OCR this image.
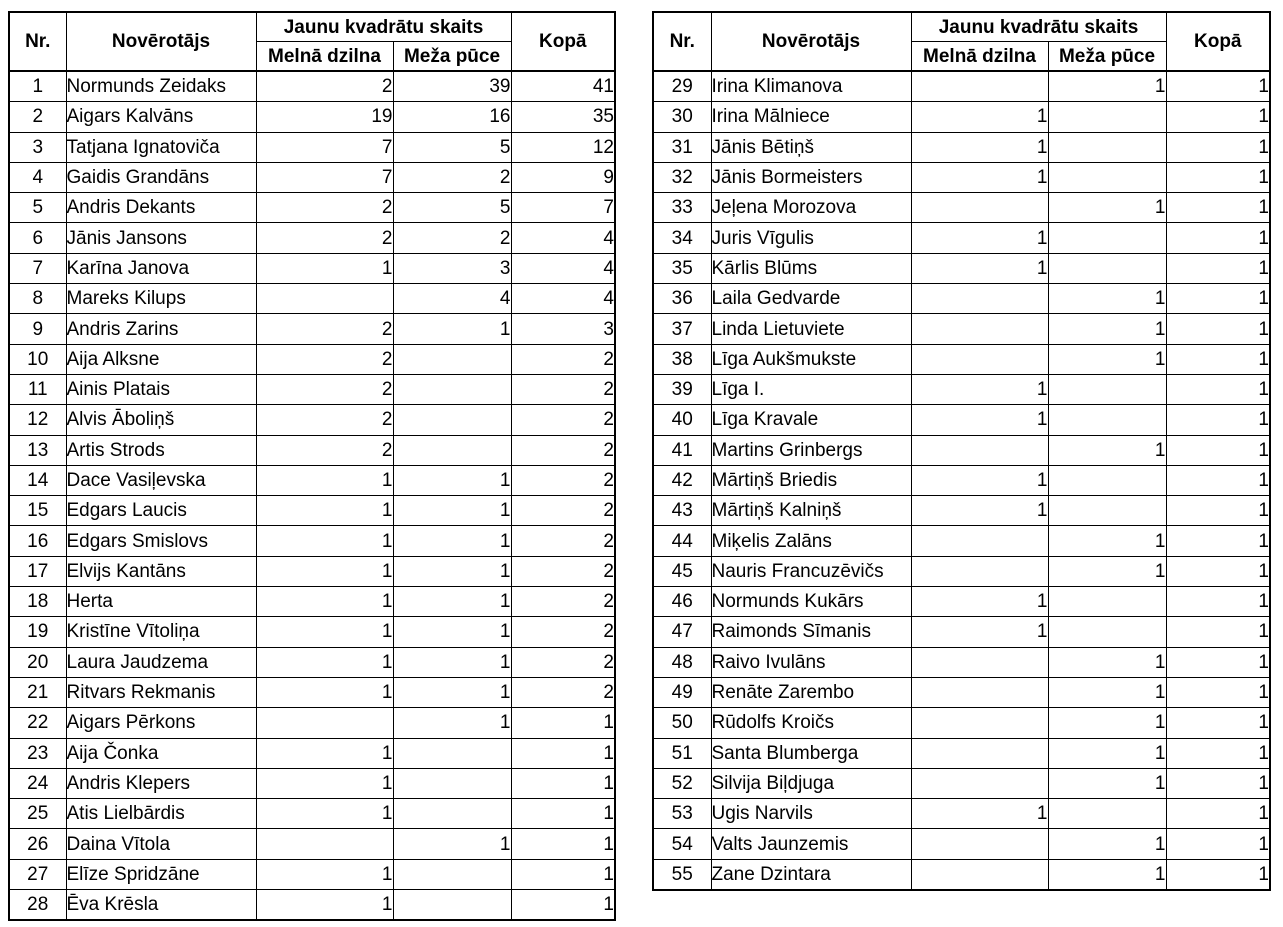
Nr.	Novērotājs	Jaunu kvadrātu skaits		Kopā
		Melnā dzilna	Meža pūce	
1	Normunds Zeidaks	2	39	41
2	Aigars Kalvāns	19	16	35
3	Tatjana Ignatoviča	7	5	12
4	Gaidis Grandāns	7	2	9
5	Andris Dekants	2	5	7
6	Jānis Jansons	2	2	4
7	Karīna Janova	1	3	4
8	Mareks Kilups		4	4
9	Andris Zarins	2	1	3
10	Aija Alksne	2		2
11	Ainis Platais	2		2
12	Alvis Āboliņš	2		2
13	Artis Strods	2		2
14	Dace Vasiļevska	1	1	2
15	Edgars Laucis	1	1	2
16	Edgars Smislovs	1	1	2
17	Elvijs Kantāns	1	1	2
18	Herta	1	1	2
19	Kristīne Vītoliņa	1	1	2
20	Laura Jaudzema	1	1	2
21	Ritvars Rekmanis	1	1	2
22	Aigars Pērkons		1	1
23	Aija Čonka	1		1
24	Andris Klepers	1		1
25	Atis Lielbārdis	1		1
26	Daina Vītola		1	1
27	Elīze Spridzāne	1		1
28	Ēva Krēsla	1		1
Nr.	Novērotājs	Jaunu kvadrātu skaits		Kopā
		Melnā dzilna	Meža pūce	
29	Irina Klimanova		1	1
30	Irina Mālniece	1		1
31	Jānis Bētiņš	1		1
32	Jānis Bormeisters	1		1
33	Jeļena Morozova		1	1
34	Juris Vīgulis	1		1
35	Kārlis Blūms	1		1
36	Laila Gedvarde		1	1
37	Linda Lietuviete		1	1
38	Līga Aukšmukste		1	1
39	Līga I.	1		1
40	Līga Kravale	1		1
41	Martins Grinbergs		1	1
42	Mārtiņš Briedis	1		1
43	Mārtiņš Kalniņš	1		1
44	Miķelis Zalāns		1	1
45	Nauris Francuzēvičs		1	1
46	Normunds Kukārs	1		1
47	Raimonds Sīmanis	1		1
48	Raivo Ivulāns		1	1
49	Renāte Zarembo		1	1
50	Rūdolfs Kroičs		1	1
51	Santa Blumberga		1	1
52	Silvija Biļdjuga		1	1
53	Ugis Narvils	1		1
54	Valts Jaunzemis		1	1
55	Zane Dzintara		1	1
